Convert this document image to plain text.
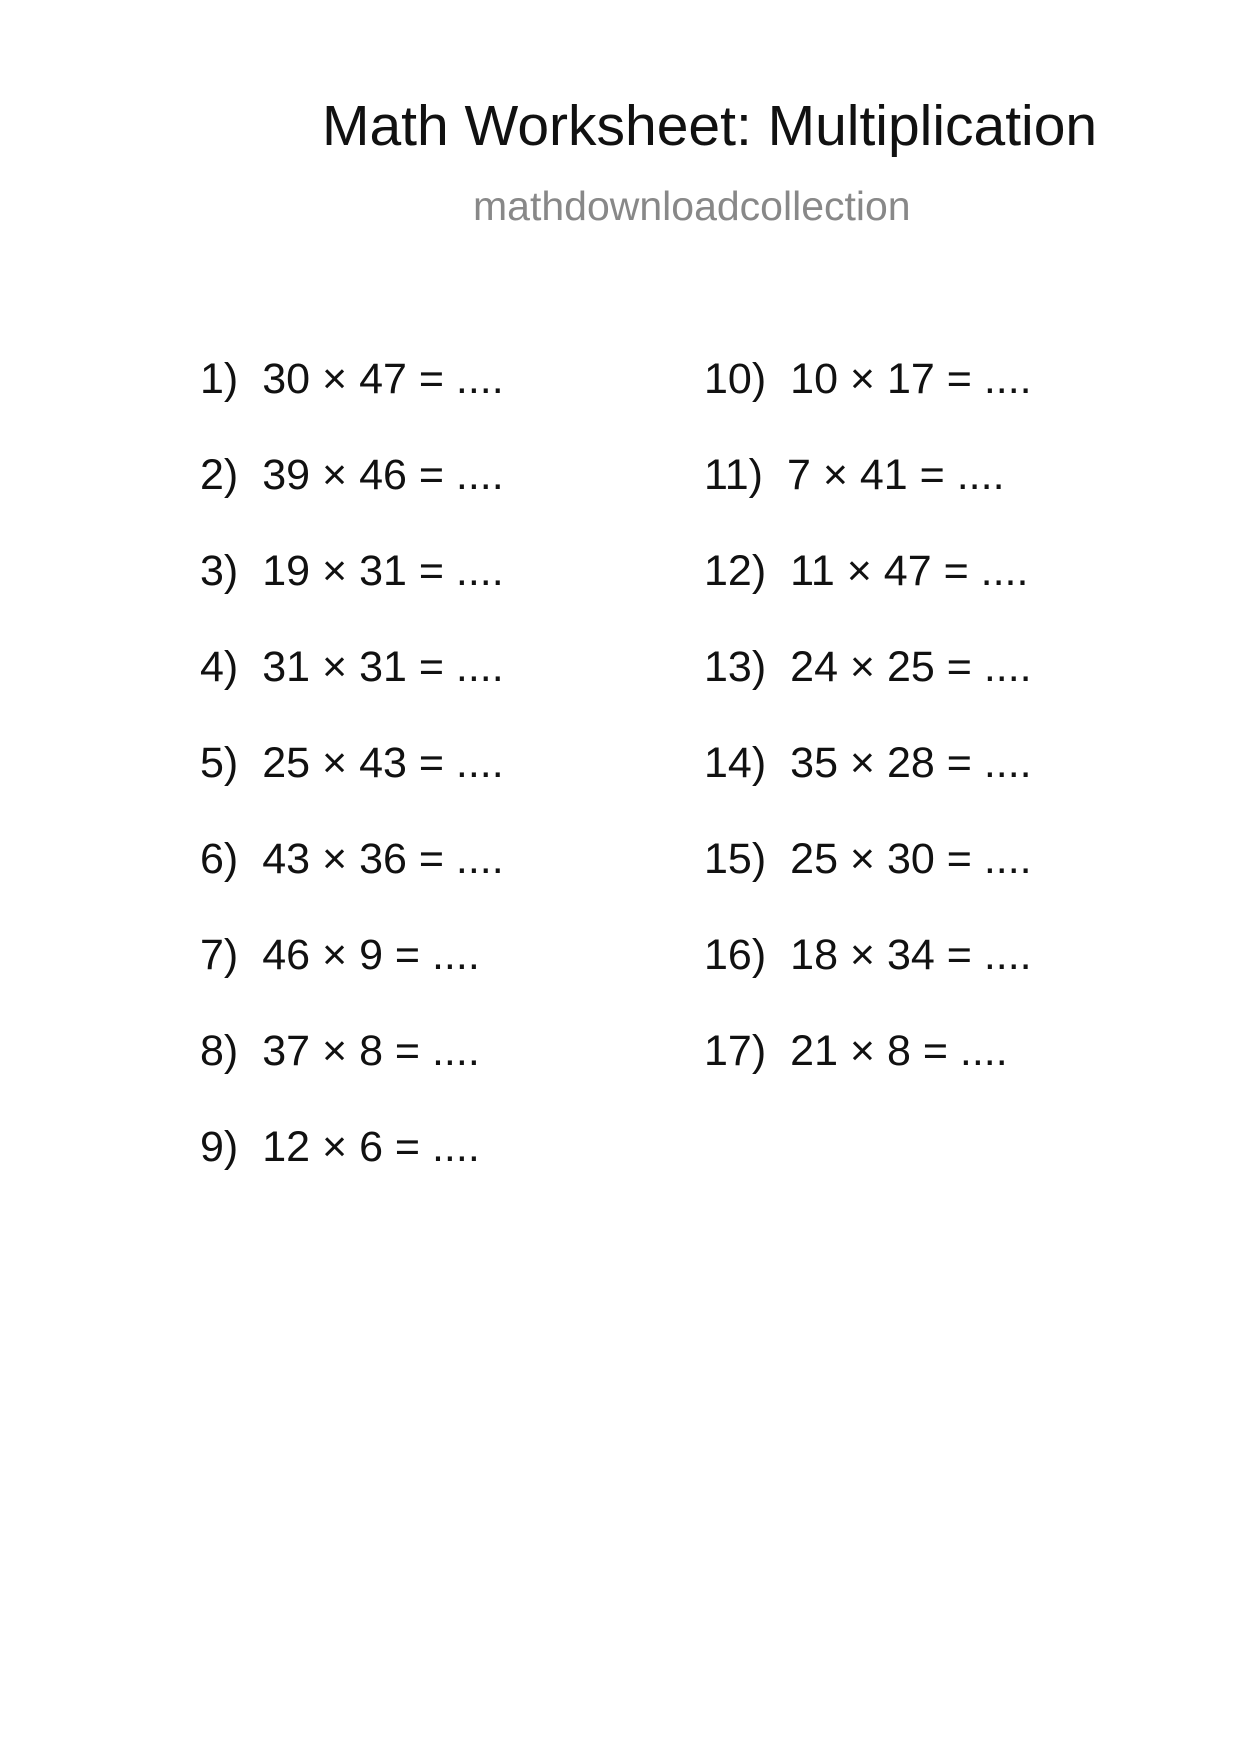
Math Worksheet: Multiplication
mathdownloadcollection
1) 30 × 47 = ....
2) 39 × 46 = ....
3) 19 × 31 = ....
4) 31 × 31 = ....
5) 25 × 43 = ....
6) 43 × 36 = ....
7) 46 × 9 = ....
8) 37 × 8 = ....
9) 12 × 6 = ....
10) 10 × 17 = ....
11) 7 × 41 = ....
12) 11 × 47 = ....
13) 24 × 25 = ....
14) 35 × 28 = ....
15) 25 × 30 = ....
16) 18 × 34 = ....
17) 21 × 8 = ....
